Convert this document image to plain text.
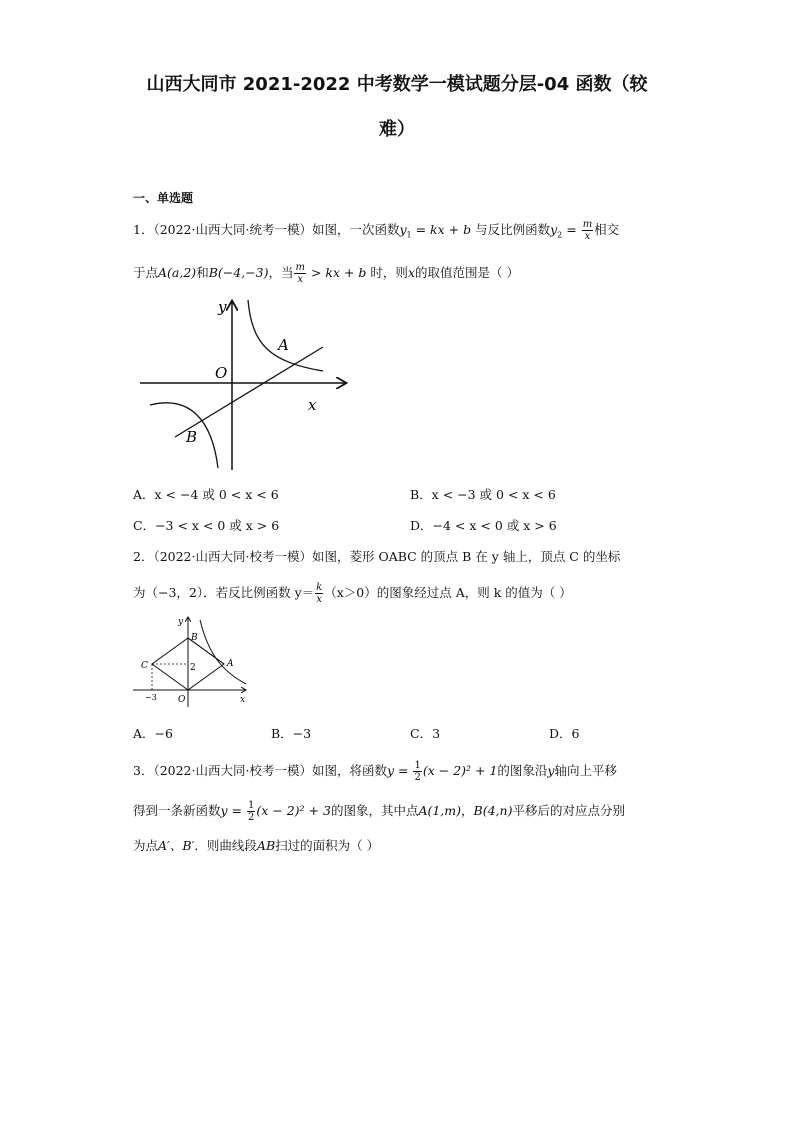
山西大同市 2021-2022 中考数学一模试题分层-04 函数（较
难）
一、单选题
1．（2022·山西大同·统考一模）如图，一次函数$y_1$ = kx + b 与反比例函数$y_2 = \frac{m}{x}$ 相交
于点A(a,2)和B(−4,−3)，当 $\frac{m}{x}$ > kx + b 时，则x的取值范围是（ ）
y
x
O
A
B
A．x < −4 或 0 < x < 6	B．x < −3 或 0 < x < 6
C．−3 < x < 0 或 x > 6	D．−4 < x < 0 或 x > 6
2．（2022·山西大同·校考一模）如图，菱形 OABC 的顶点 B 在 y 轴上，顶点 C 的坐标
为（−3，2）．若反比例函数 $y= \frac{k}{x} (x>0)$的图象经过点 A，则 k 的值为（ ）
y
x
O
A
B
C	2
−3
A．−6	B．−3	C．3	D．6
3．（2022·山西大同·校考一模）如图，将函数$y = \frac{1}{2} (x - 2)^2 + 1$的图象沿y轴向上平移
得到一条新函数$y = \frac{1}{2} (x - 2)^2 + 3$的图象，其中点A(1,m)，B(4,n)平移后的对应点分别
为点A′、B′．则曲线段AB扫过的面积为（ ）
